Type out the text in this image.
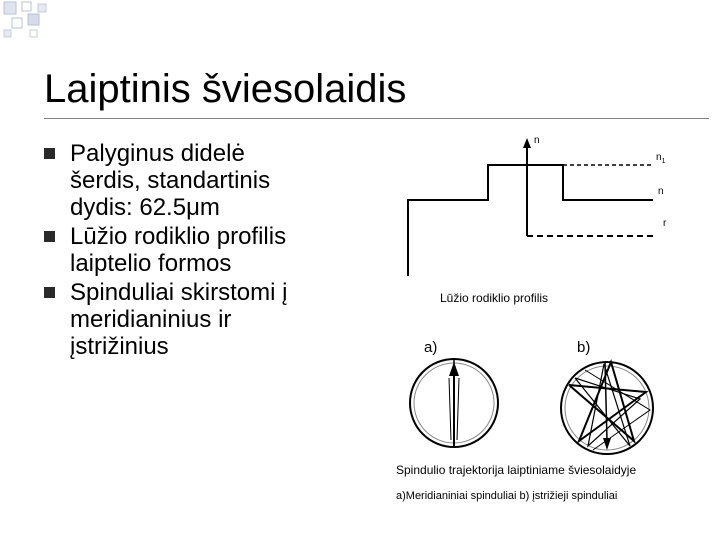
Laiptinis šviesolaidis
Palyginus didelė
šerdis, standartinis
dydis: 62.5μm
Lūžio rodiklio profilis
laiptelio formos
Spinduliai skirstomi į
meridianinius ir
įstrižinius
n
$n_1$
n
r
Lūžio rodiklio profilis
a)	b)
Spindulio trajektorija laiptiniame šviesolaidyje
a)Meridianiniai spinduliai b) įstrižieji spinduliai
